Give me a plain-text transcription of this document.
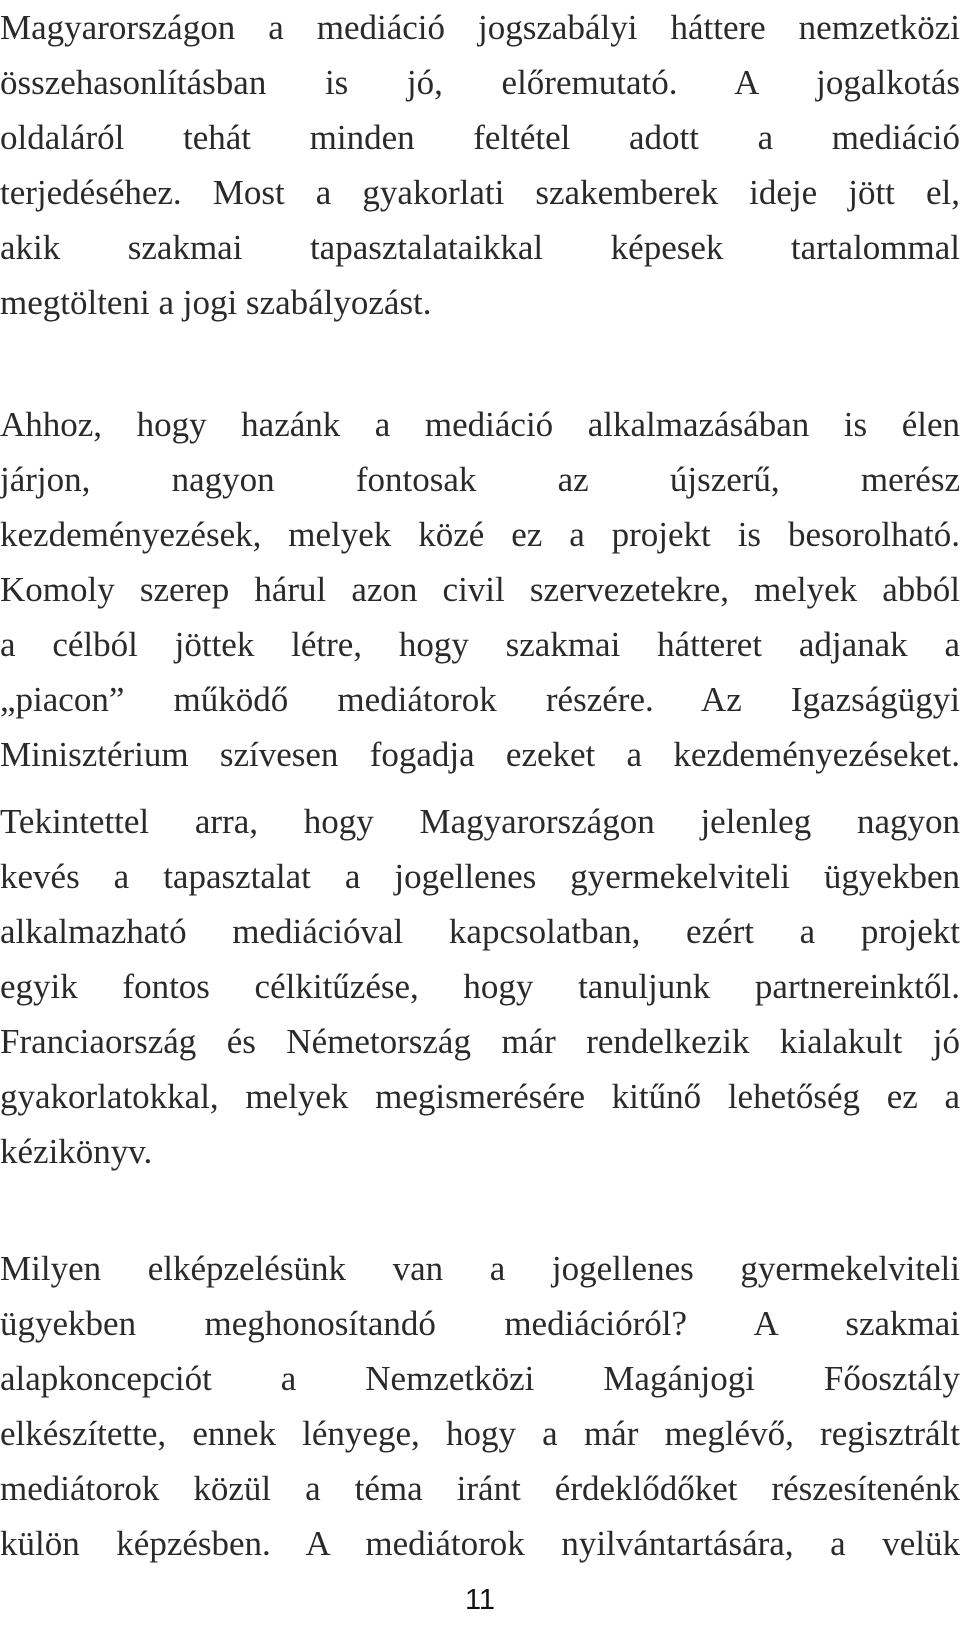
Magyarországon a mediáció jogszabályi háttere nemzetközi
összehasonlításban is jó, előremutató. A jogalkotás
oldaláról tehát minden feltétel adott a mediáció
terjedéséhez. Most a gyakorlati szakemberek ideje jött el,
akik szakmai tapasztalataikkal képesek tartalommal
megtölteni a jogi szabályozást.
Ahhoz, hogy hazánk a mediáció alkalmazásában is élen
járjon, nagyon fontosak az újszerű, merész
kezdeményezések, melyek közé ez a projekt is besorolható.
Komoly szerep hárul azon civil szervezetekre, melyek abból
a célból jöttek létre, hogy szakmai hátteret adjanak a
„piacon” működő mediátorok részére. Az Igazságügyi
Minisztérium szívesen fogadja ezeket a kezdeményezéseket.
Tekintettel arra, hogy Magyarországon jelenleg nagyon
kevés a tapasztalat a jogellenes gyermekelviteli ügyekben
alkalmazható mediációval kapcsolatban, ezért a projekt
egyik fontos célkitűzése, hogy tanuljunk partnereinktől.
Franciaország és Németország már rendelkezik kialakult jó
gyakorlatokkal, melyek megismerésére kitűnő lehetőség ez a
kézikönyv.
Milyen elképzelésünk van a jogellenes gyermekelviteli
ügyekben meghonosítandó mediációról? A szakmai
alapkoncepciót a Nemzetközi Magánjogi Főosztály
elkészítette, ennek lényege, hogy a már meglévő, regisztrált
mediátorok közül a téma iránt érdeklődőket részesítenénk
külön képzésben. A mediátorok nyilvántartására, a velük
11
